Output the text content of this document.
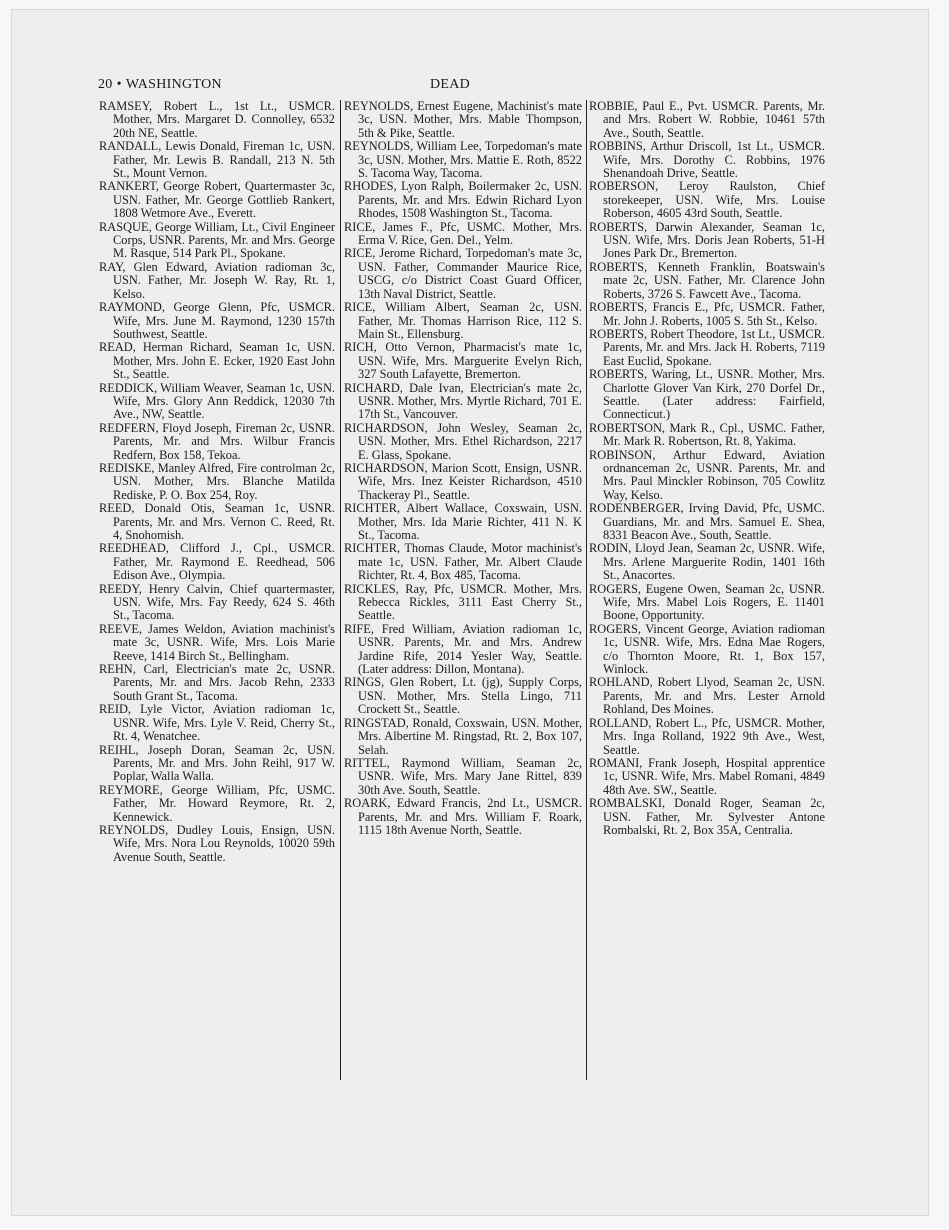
20 • WASHINGTON	DEAD

RAMSEY, Robert L., 1st Lt., USMCR. Mother, Mrs. Margaret D. Connolley, 6532 20th NE, Seattle.

RANDALL, Lewis Donald, Fireman 1c, USN. Father, Mr. Lewis B. Randall, 213 N. 5th St., Mount Vernon.

RANKERT, George Robert, Quartermaster 3c, USN. Father, Mr. George Gottlieb Rankert, 1808 Wetmore Ave., Everett.

RASQUE, George William, Lt., Civil Engineer Corps, USNR. Parents, Mr. and Mrs. George M. Rasque, 514 Park Pl., Spokane.

RAY, Glen Edward, Aviation radioman 3c, USN. Father, Mr. Joseph W. Ray, Rt. 1, Kelso.

RAYMOND, George Glenn, Pfc, USMCR. Wife, Mrs. June M. Raymond, 1230 157th Southwest, Seattle.

READ, Herman Richard, Seaman 1c, USN. Mother, Mrs. John E. Ecker, 1920 East John St., Seattle.

REDDICK, William Weaver, Seaman 1c, USN. Wife, Mrs. Glory Ann Reddick, 12030 7th Ave., NW, Seattle.

REDFERN, Floyd Joseph, Fireman 2c, USNR. Parents, Mr. and Mrs. Wilbur Francis Redfern, Box 158, Tekoa.

REDISKE, Manley Alfred, Fire controlman 2c, USN. Mother, Mrs. Blanche Matilda Rediske, P. O. Box 254, Roy.

REED, Donald Otis, Seaman 1c, USNR. Parents, Mr. and Mrs. Vernon C. Reed, Rt. 4, Snohomish.

REEDHEAD, Clifford J., Cpl., USMCR. Father, Mr. Raymond E. Reedhead, 506 Edison Ave., Olympia.

REEDY, Henry Calvin, Chief quartermaster, USN. Wife, Mrs. Fay Reedy, 624 S. 46th St., Tacoma.

REEVE, James Weldon, Aviation machinist's mate 3c, USNR. Wife, Mrs. Lois Marie Reeve, 1414 Birch St., Bellingham.

REHN, Carl, Electrician's mate 2c, USNR. Parents, Mr. and Mrs. Jacob Rehn, 2333 South Grant St., Tacoma.

REID, Lyle Victor, Aviation radioman 1c, USNR. Wife, Mrs. Lyle V. Reid, Cherry St., Rt. 4, Wenatchee.

REIHL, Joseph Doran, Seaman 2c, USN. Parents, Mr. and Mrs. John Reihl, 917 W. Poplar, Walla Walla.

REYMORE, George William, Pfc, USMC. Father, Mr. Howard Reymore, Rt. 2, Kennewick.

REYNOLDS, Dudley Louis, Ensign, USN. Wife, Mrs. Nora Lou Reynolds, 10020 59th Avenue South, Seattle.

REYNOLDS, Ernest Eugene, Machinist's mate 3c, USN. Mother, Mrs. Mable Thompson, 5th & Pike, Seattle.

REYNOLDS, William Lee, Torpedoman's mate 3c, USN. Mother, Mrs. Mattie E. Roth, 8522 S. Tacoma Way, Tacoma.

RHODES, Lyon Ralph, Boilermaker 2c, USN. Parents, Mr. and Mrs. Edwin Richard Lyon Rhodes, 1508 Washington St., Tacoma.

RICE, James F., Pfc, USMC. Mother, Mrs. Erma V. Rice, Gen. Del., Yelm.

RICE, Jerome Richard, Torpedoman's mate 3c, USN. Father, Commander Maurice Rice, USCG, c/o District Coast Guard Officer, 13th Naval District, Seattle.

RICE, William Albert, Seaman 2c, USN. Father, Mr. Thomas Harrison Rice, 112 S. Main St., Ellensburg.

RICH, Otto Vernon, Pharmacist's mate 1c, USN. Wife, Mrs. Marguerite Evelyn Rich, 327 South Lafayette, Bremerton.

RICHARD, Dale Ivan, Electrician's mate 2c, USNR. Mother, Mrs. Myrtle Richard, 701 E. 17th St., Vancouver.

RICHARDSON, John Wesley, Seaman 2c, USN. Mother, Mrs. Ethel Richardson, 2217 E. Glass, Spokane.

RICHARDSON, Marion Scott, Ensign, USNR. Wife, Mrs. Inez Keister Richardson, 4510 Thackeray Pl., Seattle.

RICHTER, Albert Wallace, Coxswain, USN. Mother, Mrs. Ida Marie Richter, 411 N. K St., Tacoma.

RICHTER, Thomas Claude, Motor machinist's mate 1c, USN. Father, Mr. Albert Claude Richter, Rt. 4, Box 485, Tacoma.

RICKLES, Ray, Pfc, USMCR. Mother, Mrs. Rebecca Rickles, 3111 East Cherry St., Seattle.

RIFE, Fred William, Aviation radioman 1c, USNR. Parents, Mr. and Mrs. Andrew Jardine Rife, 2014 Yesler Way, Seattle. (Later address: Dillon, Montana).

RINGS, Glen Robert, Lt. (jg), Supply Corps, USN. Mother, Mrs. Stella Lingo, 711 Crockett St., Seattle.

RINGSTAD, Ronald, Coxswain, USN. Mother, Mrs. Albertine M. Ringstad, Rt. 2, Box 107, Selah.

RITTEL, Raymond William, Seaman 2c, USNR. Wife, Mrs. Mary Jane Rittel, 839 30th Ave. South, Seattle.

ROARK, Edward Francis, 2nd Lt., USMCR. Parents, Mr. and Mrs. William F. Roark, 1115 18th Avenue North, Seattle.

ROBBIE, Paul E., Pvt. USMCR. Parents, Mr. and Mrs. Robert W. Robbie, 10461 57th Ave., South, Seattle.

ROBBINS, Arthur Driscoll, 1st Lt., USMCR. Wife, Mrs. Dorothy C. Robbins, 1976 Shenandoah Drive, Seattle.

ROBERSON, Leroy Raulston, Chief storekeeper, USN. Wife, Mrs. Louise Roberson, 4605 43rd South, Seattle.

ROBERTS, Darwin Alexander, Seaman 1c, USN. Wife, Mrs. Doris Jean Roberts, 51-H Jones Park Dr., Bremerton.

ROBERTS, Kenneth Franklin, Boatswain's mate 2c, USN. Father, Mr. Clarence John Roberts, 3726 S. Fawcett Ave., Tacoma.

ROBERTS, Francis E., Pfc, USMCR. Father, Mr. John J. Roberts, 1005 S. 5th St., Kelso.

ROBERTS, Robert Theodore, 1st Lt., USMCR. Parents, Mr. and Mrs. Jack H. Roberts, 7119 East Euclid, Spokane.

ROBERTS, Waring, Lt., USNR. Mother, Mrs. Charlotte Glover Van Kirk, 270 Dorfel Dr., Seattle. (Later address: Fairfield, Connecticut.)

ROBERTSON, Mark R., Cpl., USMC. Father, Mr. Mark R. Robertson, Rt. 8, Yakima.

ROBINSON, Arthur Edward, Aviation ordnanceman 2c, USNR. Parents, Mr. and Mrs. Paul Minckler Robinson, 705 Cowlitz Way, Kelso.

RODENBERGER, Irving David, Pfc, USMC. Guardians, Mr. and Mrs. Samuel E. Shea, 8331 Beacon Ave., South, Seattle.

RODIN, Lloyd Jean, Seaman 2c, USNR. Wife, Mrs. Arlene Marguerite Rodin, 1401 16th St., Anacortes.

ROGERS, Eugene Owen, Seaman 2c, USNR. Wife, Mrs. Mabel Lois Rogers, E. 11401 Boone, Opportunity.

ROGERS, Vincent George, Aviation radioman 1c, USNR. Wife, Mrs. Edna Mae Rogers, c/o Thornton Moore, Rt. 1, Box 157, Winlock.

ROHLAND, Robert Llyod, Seaman 2c, USN. Parents, Mr. and Mrs. Lester Arnold Rohland, Des Moines.

ROLLAND, Robert L., Pfc, USMCR. Mother, Mrs. Inga Rolland, 1922 9th Ave., West, Seattle.

ROMANI, Frank Joseph, Hospital apprentice 1c, USNR. Wife, Mrs. Mabel Romani, 4849 48th Ave. SW., Seattle.

ROMBALSKI, Donald Roger, Seaman 2c, USN. Father, Mr. Sylvester Antone Rombalski, Rt. 2, Box 35A, Centralia.
